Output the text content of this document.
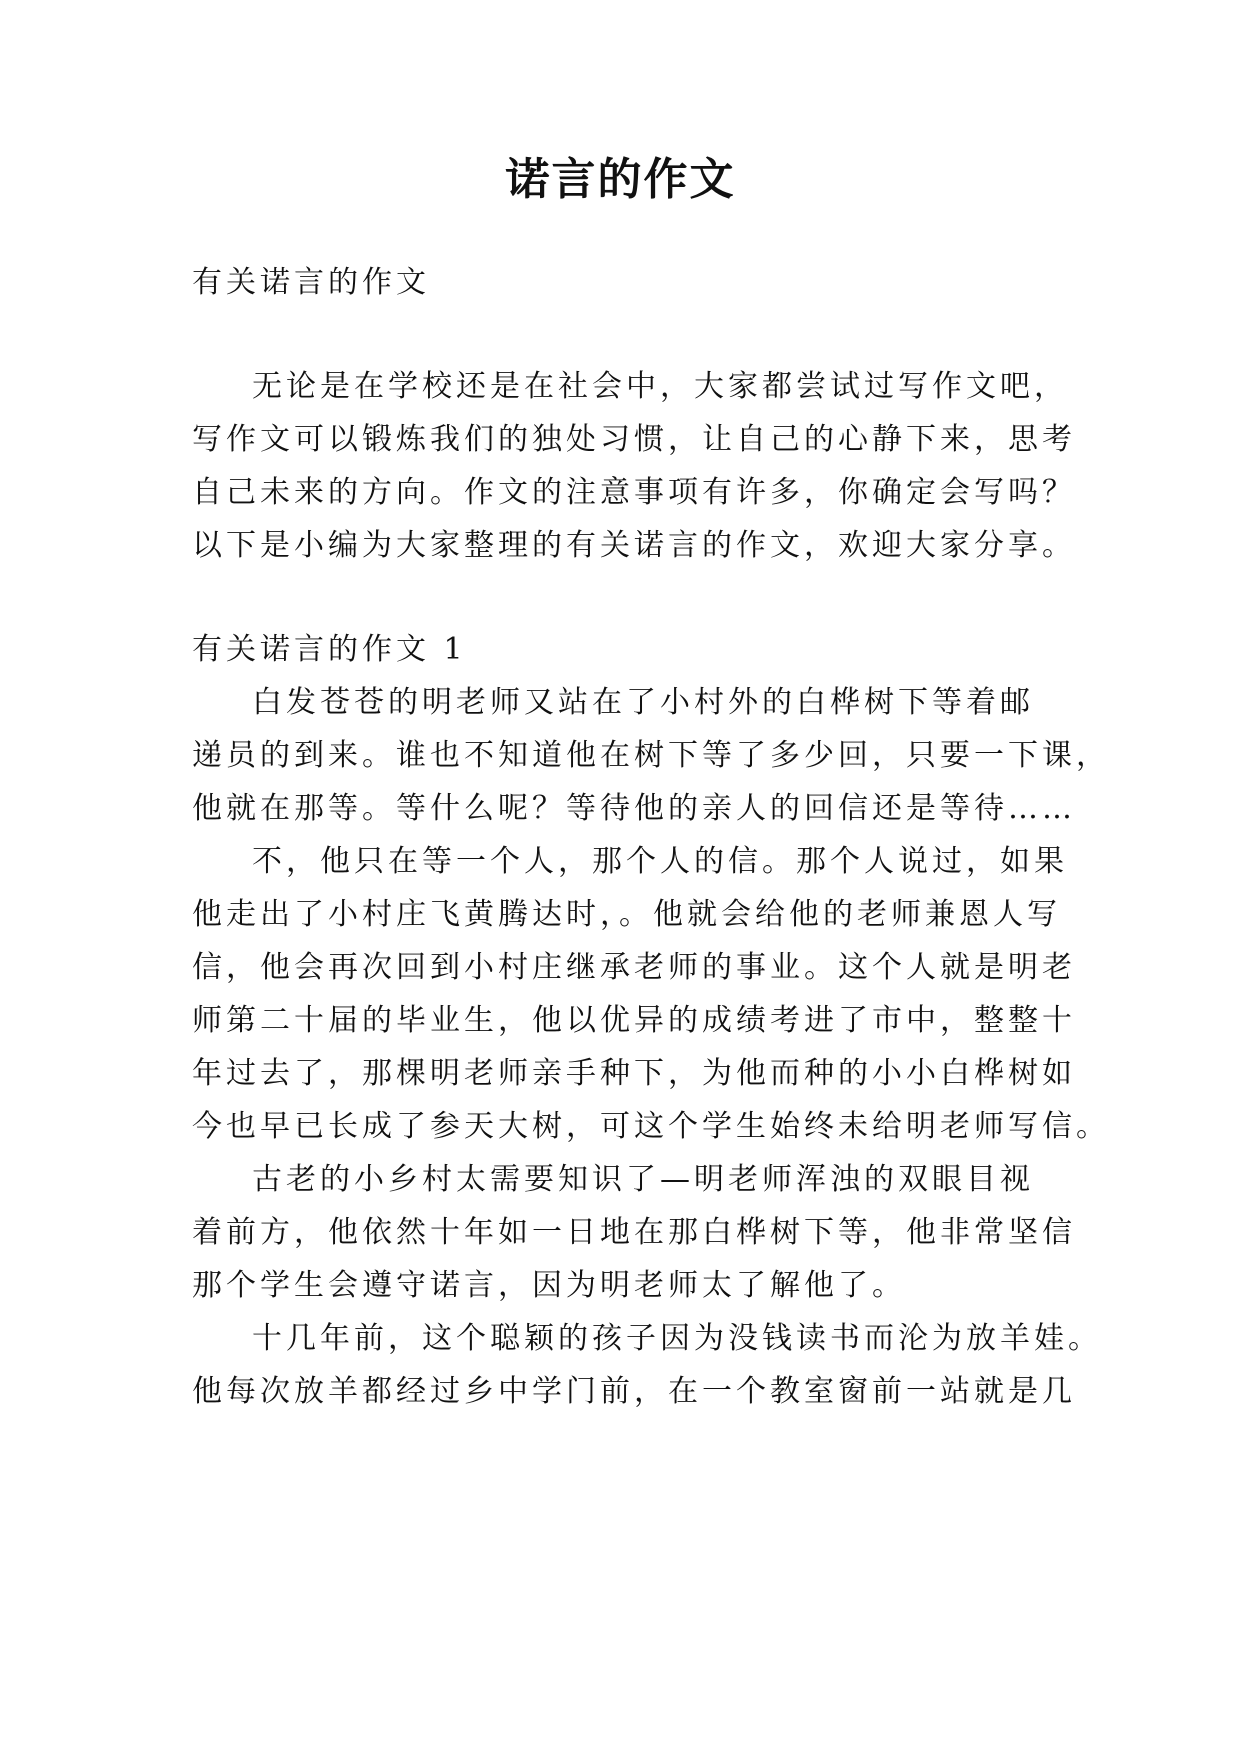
诺言的作文
有关诺言的作文
无论是在学校还是在社会中，大家都尝试过写作文吧，
写作文可以锻炼我们的独处习惯，让自己的心静下来，思考
自己未来的方向。作文的注意事项有许多，你确定会写吗？
以下是小编为大家整理的有关诺言的作文，欢迎大家分享。
有关诺言的作文 1
白发苍苍的明老师又站在了小村外的白桦树下等着邮
递员的到来。谁也不知道他在树下等了多少回，只要一下课，
他就在那等。等什么呢？等待他的亲人的回信还是等待……
不，他只在等一个人，那个人的信。那个人说过，如果
他走出了小村庄飞黄腾达时，。他就会给他的老师兼恩人写
信，他会再次回到小村庄继承老师的事业。这个人就是明老
师第二十届的毕业生，他以优异的成绩考进了市中，整整十
年过去了，那棵明老师亲手种下，为他而种的小小白桦树如
今也早已长成了参天大树，可这个学生始终未给明老师写信。
古老的小乡村太需要知识了—明老师浑浊的双眼目视
着前方，他依然十年如一日地在那白桦树下等，他非常坚信
那个学生会遵守诺言，因为明老师太了解他了。
十几年前，这个聪颖的孩子因为没钱读书而沦为放羊娃。
他每次放羊都经过乡中学门前，在一个教室窗前一站就是几
